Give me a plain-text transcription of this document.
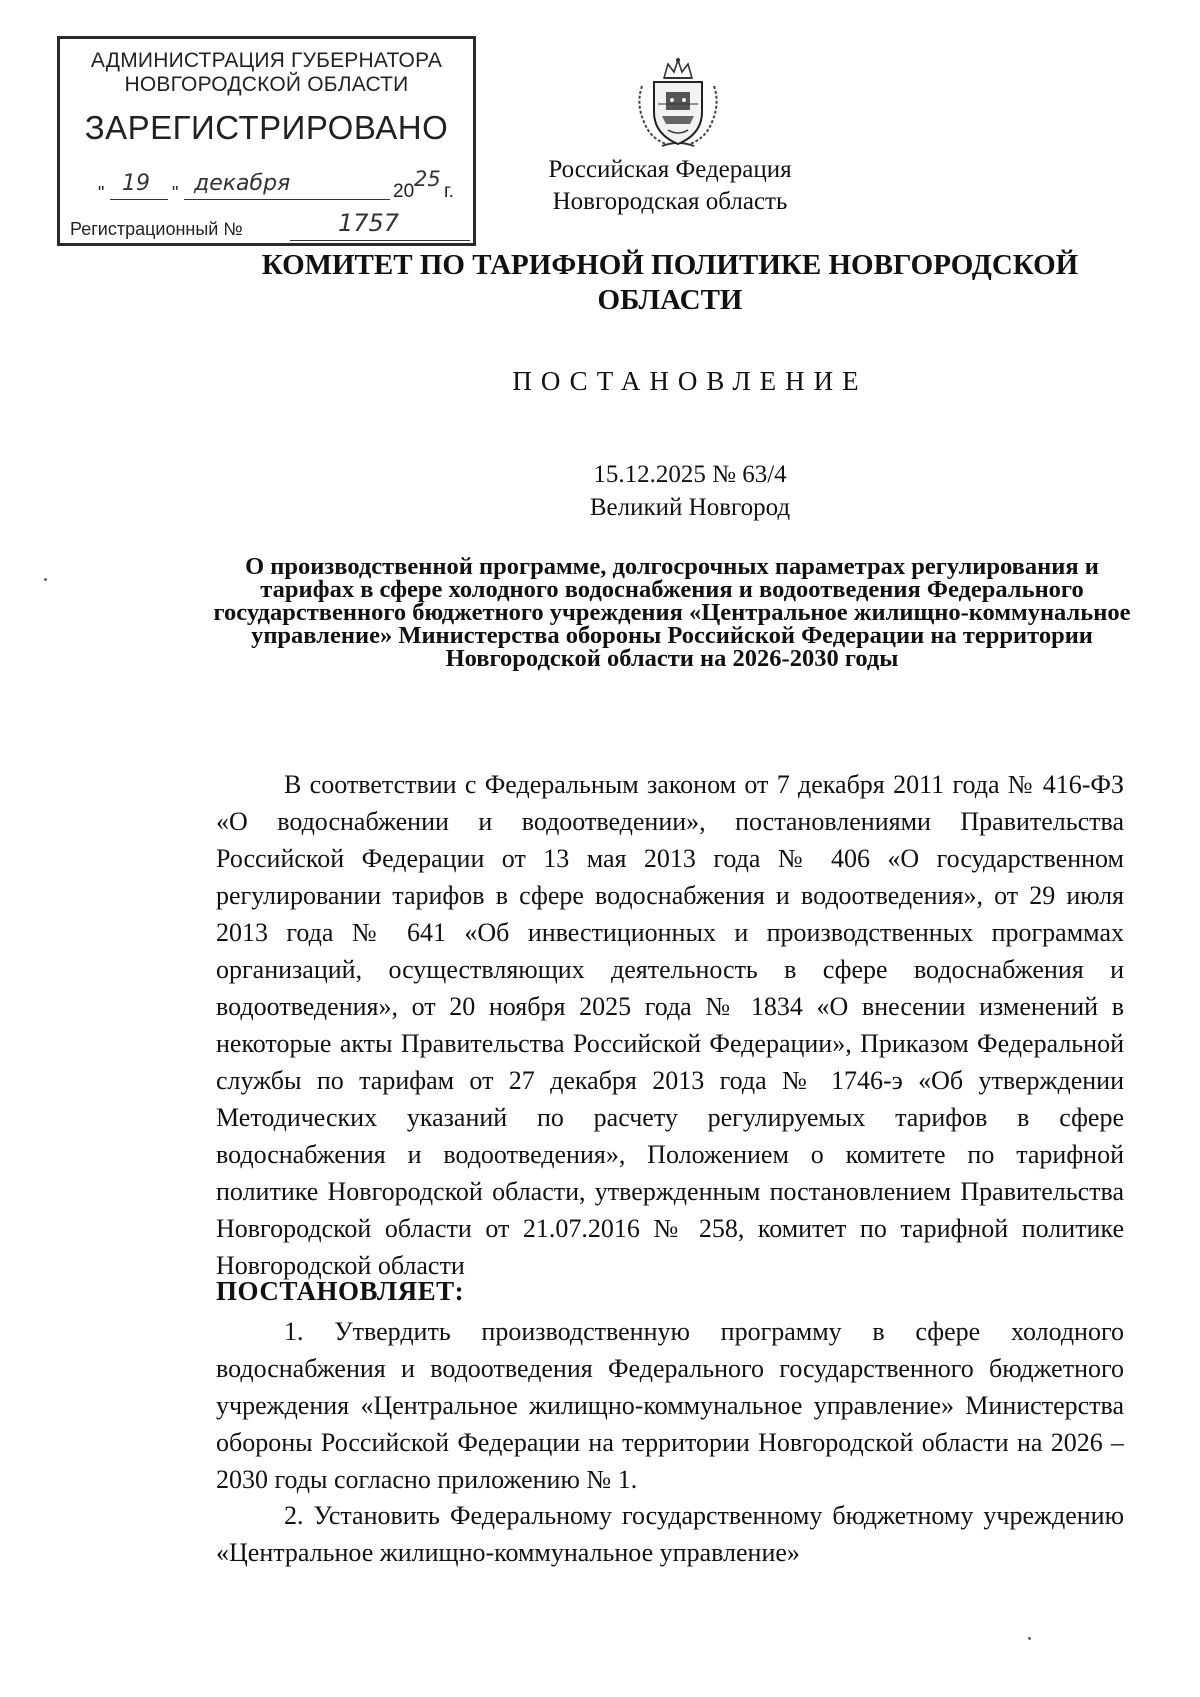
АДМИНИСТРАЦИЯ ГУБЕРНАТОРА
НОВГОРОДСКОЙ ОБЛАСТИ
ЗАРЕГИСТРИРОВАНО
" 19 " декабря	20
25
г.
Регистрационный №	1757
Российская Федерация
Новгородская область
КОМИТЕТ ПО ТАРИФНОЙ ПОЛИТИКЕ НОВГОРОДСКОЙ ОБЛАСТИ
ПОСТАНОВЛЕНИЕ
15.12.2025 № 63/4
Великий Новгород
О производственной программе, долгосрочных параметрах регулирования и тарифах в сфере холодного водоснабжения и водоотведения Федерального государственного бюджетного учреждения «Центральное жилищно-коммунальное управление» Министерства обороны Российской Федерации на территории Новгородской области на 2026-2030 годы
В соответствии с Федеральным законом от 7 декабря 2011 года № 416-ФЗ «О водоснабжении и водоотведении», постановлениями Правительства Российской Федерации от 13 мая 2013 года № 406 «О государственном регулировании тарифов в сфере водоснабжения и водоотведения», от 29 июля 2013 года № 641 «Об инвестиционных и производственных программах организаций, осуществляющих деятельность в сфере водоснабжения и водоотведения», от 20 ноября 2025 года № 1834 «О внесении изменений в некоторые акты Правительства Российской Федерации», Приказом Федеральной службы по тарифам от 27 декабря 2013 года № 1746-э «Об утверждении Методических указаний по расчету регулируемых тарифов в сфере водоснабжения и водоотведения», Положением о комитете по тарифной политике Новгородской области, утвержденным постановлением Правительства Новгородской области от 21.07.2016 № 258, комитет по тарифной политике Новгородской области
ПОСТАНОВЛЯЕТ:
1. Утвердить производственную программу в сфере холодного водоснабжения и водоотведения Федерального государственного бюджетного учреждения «Центральное жилищно-коммунальное управление» Министерства обороны Российской Федерации на территории Новгородской области на 2026 – 2030 годы согласно приложению № 1.
2. Установить Федеральному государственному бюджетному учреждению «Центральное жилищно-коммунальное управление»
